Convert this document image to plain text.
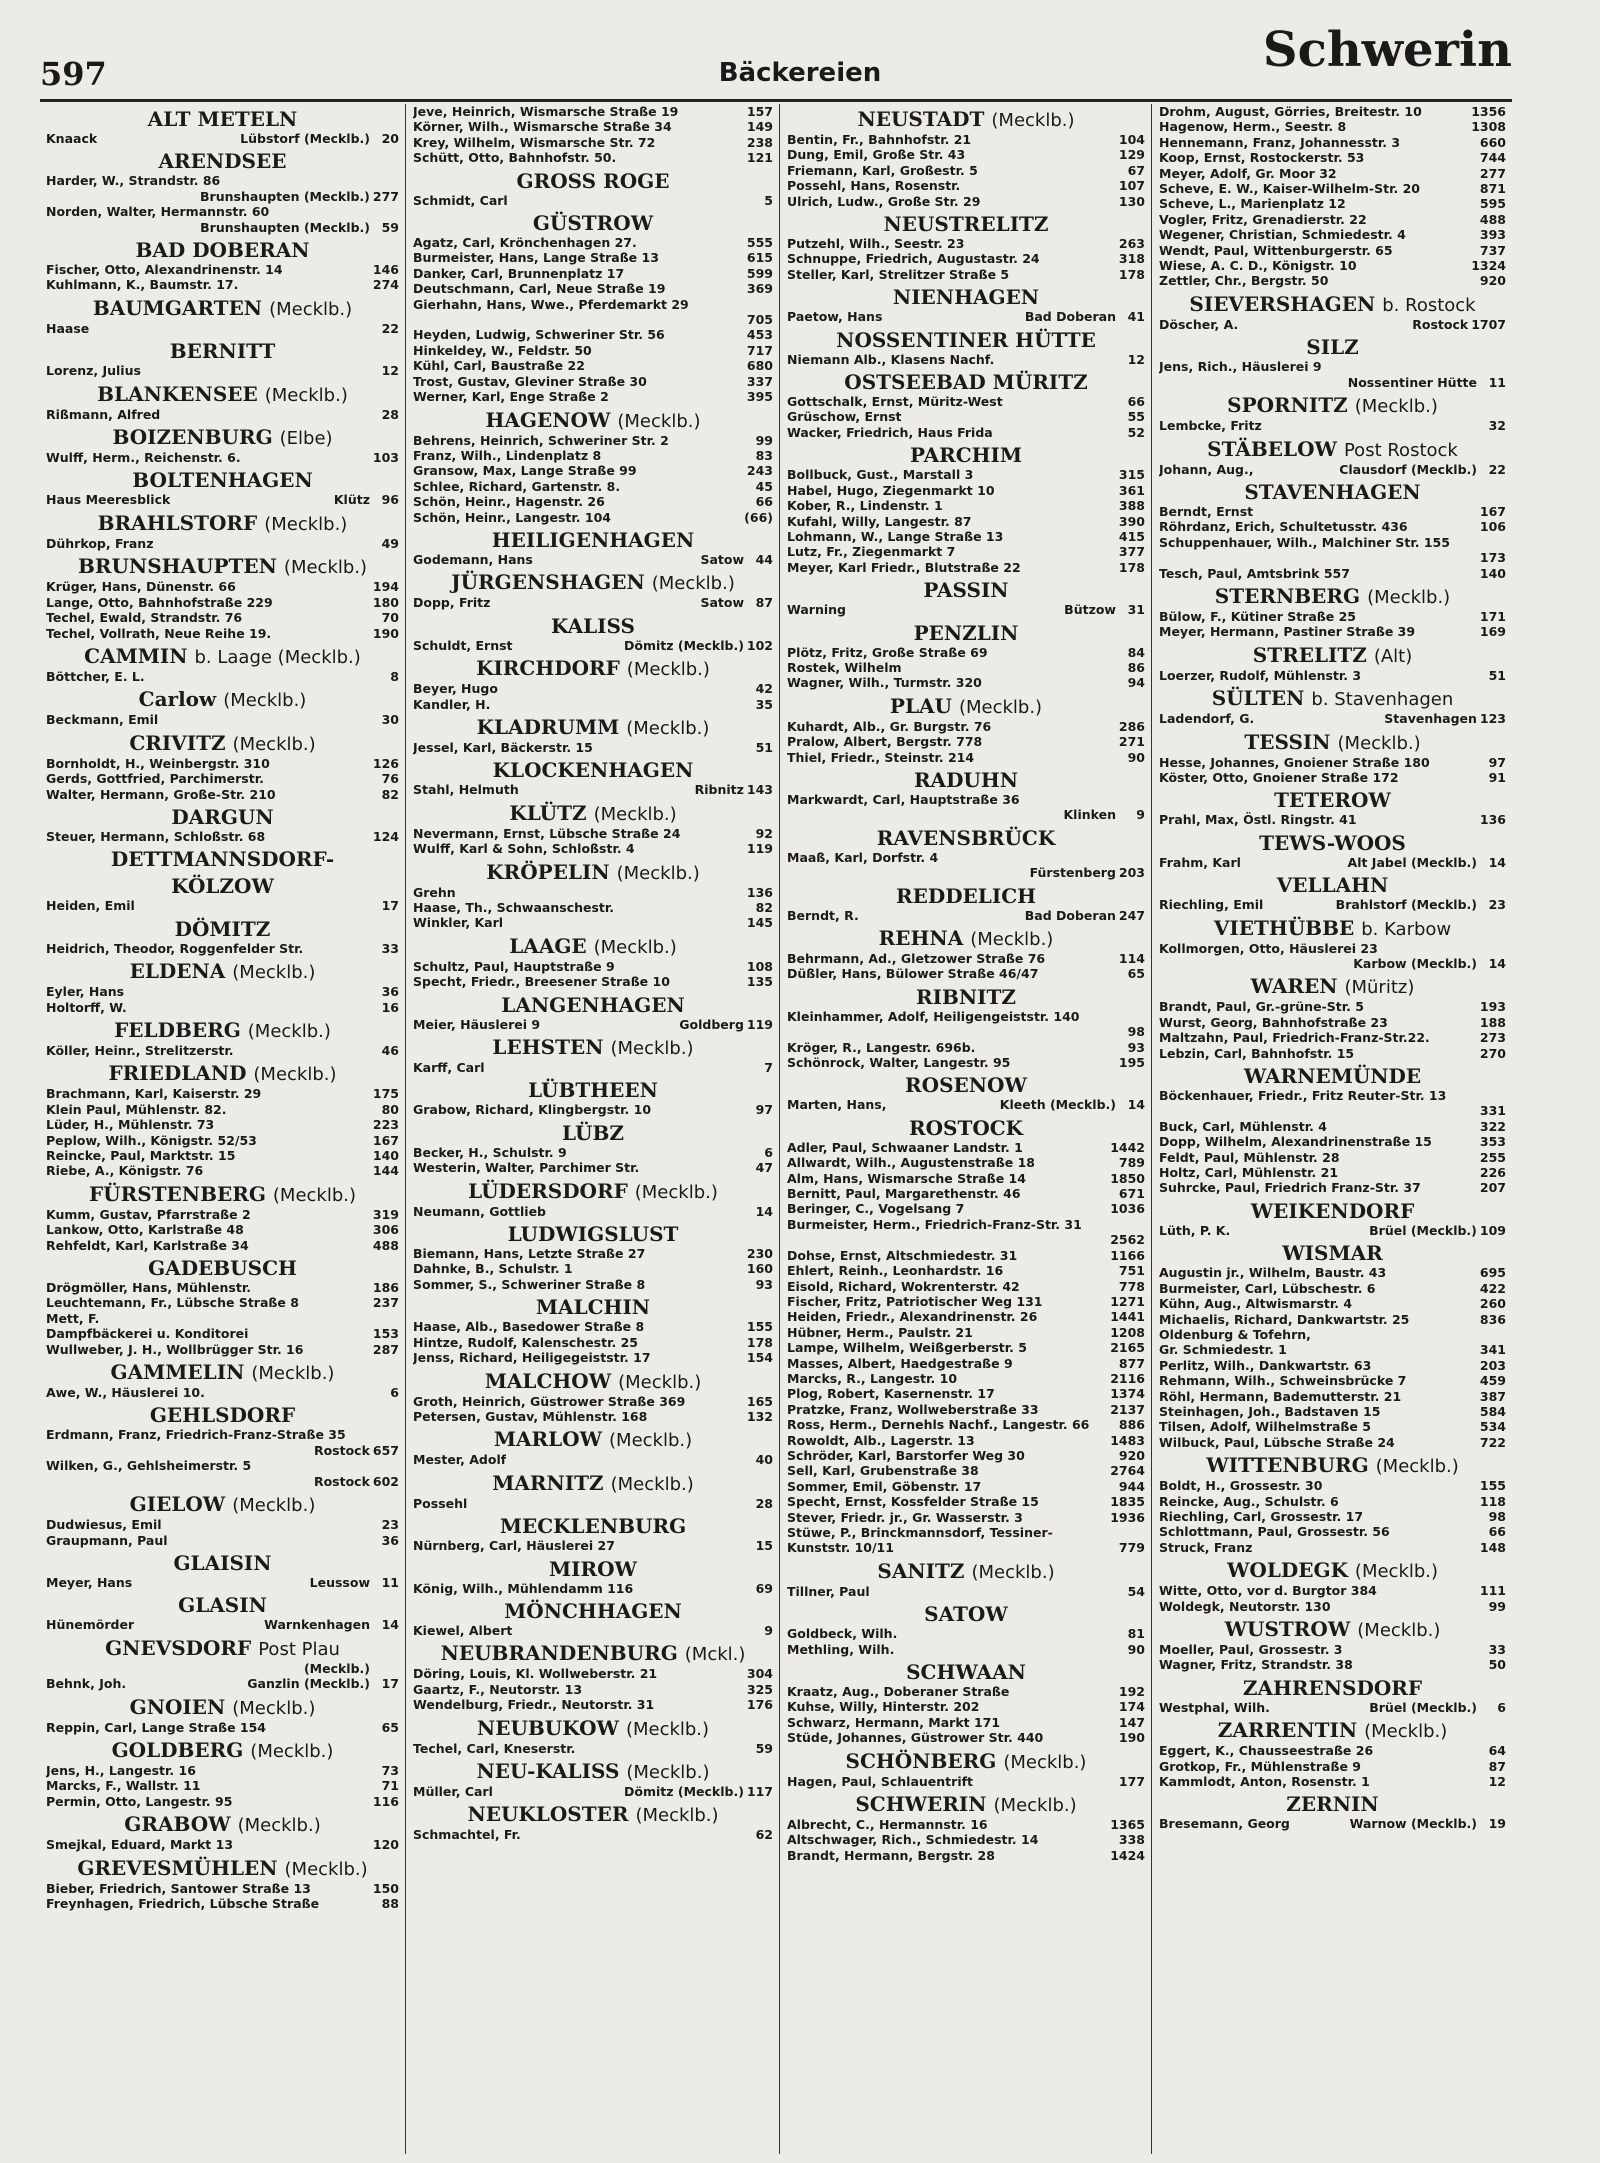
597	Bäckereien	Schwerin
ALT METELN
Knaack	Lübstorf (Mecklb.) 20
ARENDSEE
Harder, W., Strandstr. 86
Brunshaupten (Mecklb.) 277
Norden, Walter, Hermannstr. 60
Brunshaupten (Mecklb.) 59
BAD DOBERAN
Fischer, Otto, Alexandrinenstr. 14	146
Kuhlmann, K., Baumstr. 17.	274
BAUMGARTEN (Mecklb.)
Haase	22
BERNITT
Lorenz, Julius	12
BLANKENSEE (Mecklb.)
Rißmann, Alfred	28
BOIZENBURG (Elbe)
Wulff, Herm., Reichenstr. 6.	103
BOLTENHAGEN
Haus Meeresblick	Klütz 96
BRAHLSTORF (Mecklb.)
Dührkop, Franz	49
BRUNSHAUPTEN (Mecklb.)
Krüger, Hans, Dünenstr. 66	194
Lange, Otto, Bahnhofstraße 229	180
Techel, Ewald, Strandstr. 76	70
Techel, Vollrath, Neue Reihe 19.	190
CAMMIN b. Laage (Mecklb.)
Böttcher, E. L.	8
Carlow (Mecklb.)
Beckmann, Emil	30
CRIVITZ (Mecklb.)
Bornholdt, H., Weinbergstr. 310	126
Gerds, Gottfried, Parchimerstr.	76
Walter, Hermann, Große-Str. 210	82
DARGUN
Steuer, Hermann, Schloßstr. 68	124
DETTMANNSDORF-
KÖLZOW
Heiden, Emil	17
DÖMITZ
Heidrich, Theodor, Roggenfelder Str.	33
ELDENA (Mecklb.)
Eyler, Hans	36
Holtorff, W.	16
FELDBERG (Mecklb.)
Köller, Heinr., Strelitzerstr.	46
FRIEDLAND (Mecklb.)
Brachmann, Karl, Kaiserstr. 29	175
Klein Paul, Mühlenstr. 82.	80
Lüder, H., Mühlenstr. 73	223
Peplow, Wilh., Königstr. 52/53	167
Reincke, Paul, Marktstr. 15	140
Riebe, A., Königstr. 76	144
FÜRSTENBERG (Mecklb.)
Kumm, Gustav, Pfarrstraße 2	319
Lankow, Otto, Karlstraße 48	306
Rehfeldt, Karl, Karlstraße 34	488
GADEBUSCH
Drögmöller, Hans, Mühlenstr.	186
Leuchtemann, Fr., Lübsche Straße 8	237
Mett, F.
Dampfbäckerei u. Konditorei	153
Wullweber, J. H., Wollbrügger Str. 16	287
GAMMELIN (Mecklb.)
Awe, W., Häuslerei 10.	6
GEHLSDORF
Erdmann, Franz, Friedrich-Franz-Straße 35
Rostock 657
Wilken, G., Gehlsheimerstr. 5
Rostock 602
GIELOW (Mecklb.)
Dudwiesus, Emil	23
Graupmann, Paul	36
GLAISIN
Meyer, Hans	Leussow 11
GLASIN
Hünemörder	Warnkenhagen 14
GNEVSDORF Post Plau
(Mecklb.)
Behnk, Joh.	Ganzlin (Mecklb.) 17
GNOIEN (Mecklb.)
Reppin, Carl, Lange Straße 154	65
GOLDBERG (Mecklb.)
Jens, H., Langestr. 16	73
Marcks, F., Wallstr. 11	71
Permin, Otto, Langestr. 95	116
GRABOW (Mecklb.)
Smejkal, Eduard, Markt 13	120
GREVESMÜHLEN (Mecklb.)
Bieber, Friedrich, Santower Straße 13	150
Freynhagen, Friedrich, Lübsche Straße	88
Jeve, Heinrich, Wismarsche Straße 19	157
Körner, Wilh., Wismarsche Straße 34	149
Krey, Wilhelm, Wismarsche Str. 72	238
Schütt, Otto, Bahnhofstr. 50.	121
GROSS ROGE
Schmidt, Carl	5
GÜSTROW
Agatz, Carl, Krönchenhagen 27.	555
Burmeister, Hans, Lange Straße 13	615
Danker, Carl, Brunnenplatz 17	599
Deutschmann, Carl, Neue Straße 19	369
Gierhahn, Hans, Wwe., Pferdemarkt 29
705
Heyden, Ludwig, Schweriner Str. 56	453
Hinkeldey, W., Feldstr. 50	717
Kühl, Carl, Baustraße 22	680
Trost, Gustav, Gleviner Straße 30	337
Werner, Karl, Enge Straße 2	395
HAGENOW (Mecklb.)
Behrens, Heinrich, Schweriner Str. 2	99
Franz, Wilh., Lindenplatz 8	83
Gransow, Max, Lange Straße 99	243
Schlee, Richard, Gartenstr. 8.	45
Schön, Heinr., Hagenstr. 26	66
Schön, Heinr., Langestr. 104	(66)
HEILIGENHAGEN
Godemann, Hans	Satow 44
JÜRGENSHAGEN (Mecklb.)
Dopp, Fritz	Satow 87
KALISS
Schuldt, Ernst	Dömitz (Mecklb.) 102
KIRCHDORF (Mecklb.)
Beyer, Hugo	42
Kandler, H.	35
KLADRUMM (Mecklb.)
Jessel, Karl, Bäckerstr. 15	51
KLOCKENHAGEN
Stahl, Helmuth	Ribnitz 143
KLÜTZ (Mecklb.)
Nevermann, Ernst, Lübsche Straße 24	92
Wulff, Karl & Sohn, Schloßstr. 4	119
KRÖPELIN (Mecklb.)
Grehn	136
Haase, Th., Schwaanschestr.	82
Winkler, Karl	145
LAAGE (Mecklb.)
Schultz, Paul, Hauptstraße 9	108
Specht, Friedr., Breesener Straße 10	135
LANGENHAGEN
Meier, Häuslerei 9	Goldberg 119
LEHSTEN (Mecklb.)
Karff, Carl	7
LÜBTHEEN
Grabow, Richard, Klingbergstr. 10	97
LÜBZ
Becker, H., Schulstr. 9	6
Westerin, Walter, Parchimer Str.	47
LÜDERSDORF (Mecklb.)
Neumann, Gottlieb	14
LUDWIGSLUST
Biemann, Hans, Letzte Straße 27	230
Dahnke, B., Schulstr. 1	160
Sommer, S., Schweriner Straße 8	93
MALCHIN
Haase, Alb., Basedower Straße 8	155
Hintze, Rudolf, Kalenschestr. 25	178
Jenss, Richard, Heiligegeiststr. 17	154
MALCHOW (Mecklb.)
Groth, Heinrich, Güstrower Straße 369	165
Petersen, Gustav, Mühlenstr. 168	132
MARLOW (Mecklb.)
Mester, Adolf	40
MARNITZ (Mecklb.)
Possehl	28
MECKLENBURG
Nürnberg, Carl, Häuslerei 27	15
MIROW
König, Wilh., Mühlendamm 116	69
MÖNCHHAGEN
Kiewel, Albert	9
NEUBRANDENBURG (Mckl.)
Döring, Louis, Kl. Wollweberstr. 21	304
Gaartz, F., Neutorstr. 13	325
Wendelburg, Friedr., Neutorstr. 31	176
NEUBUKOW (Mecklb.)
Techel, Carl, Kneserstr.	59
NEU-KALISS (Mecklb.)
Müller, Carl	Dömitz (Mecklb.) 117
NEUKLOSTER (Mecklb.)
Schmachtel, Fr.	62
NEUSTADT (Mecklb.)
Bentin, Fr., Bahnhofstr. 21	104
Dung, Emil, Große Str. 43	129
Friemann, Karl, Großestr. 5	67
Possehl, Hans, Rosenstr.	107
Ulrich, Ludw., Große Str. 29	130
NEUSTRELITZ
Putzehl, Wilh., Seestr. 23	263
Schnuppe, Friedrich, Augustastr. 24	318
Steller, Karl, Strelitzer Straße 5	178
NIENHAGEN
Paetow, Hans	Bad Doberan 41
NOSSENTINER HÜTTE
Niemann Alb., Klasens Nachf.	12
OSTSEEBAD MÜRITZ
Gottschalk, Ernst, Müritz-West	66
Grüschow, Ernst	55
Wacker, Friedrich, Haus Frida	52
PARCHIM
Bollbuck, Gust., Marstall 3	315
Habel, Hugo, Ziegenmarkt 10	361
Kober, R., Lindenstr. 1	388
Kufahl, Willy, Langestr. 87	390
Lohmann, W., Lange Straße 13	415
Lutz, Fr., Ziegenmarkt 7	377
Meyer, Karl Friedr., Blutstraße 22	178
PASSIN
Warning	Bützow 31
PENZLIN
Plötz, Fritz, Große Straße 69	84
Rostek, Wilhelm	86
Wagner, Wilh., Turmstr. 320	94
PLAU (Mecklb.)
Kuhardt, Alb., Gr. Burgstr. 76	286
Pralow, Albert, Bergstr. 778	271
Thiel, Friedr., Steinstr. 214	90
RADUHN
Markwardt, Carl, Hauptstraße 36
Klinken	9
RAVENSBRÜCK
Maaß, Karl, Dorfstr. 4
Fürstenberg 203
REDDELICH
Berndt, R.	Bad Doberan 247
REHNA (Mecklb.)
Behrmann, Ad., Gletzower Straße 76	114
Düßler, Hans, Bülower Straße 46/47	65
RIBNITZ
Kleinhammer, Adolf, Heiligengeiststr. 140
98
Kröger, R., Langestr. 696b.	93
Schönrock, Walter, Langestr. 95	195
ROSENOW
Marten, Hans,	Kleeth (Mecklb.) 14
ROSTOCK
Adler, Paul, Schwaaner Landstr. 1	1442
Allwardt, Wilh., Augustenstraße 18	789
Alm, Hans, Wismarsche Straße 14	1850
Bernitt, Paul, Margarethenstr. 46	671
Beringer, C., Vogelsang 7	1036
Burmeister, Herm., Friedrich-Franz-Str. 31
2562
Dohse, Ernst, Altschmiedestr. 31	1166
Ehlert, Reinh., Leonhardstr. 16	751
Eisold, Richard, Wokrenterstr. 42	778
Fischer, Fritz, Patriotischer Weg 131	1271
Heiden, Friedr., Alexandrinenstr. 26	1441
Hübner, Herm., Paulstr. 21	1208
Lampe, Wilhelm, Weißgerberstr. 5	2165
Masses, Albert, Haedgestraße 9	877
Marcks, R., Langestr. 10	2116
Plog, Robert, Kasernenstr. 17	1374
Pratzke, Franz, Wollweberstraße 33	2137
Ross, Herm., Dernehls Nachf., Langestr. 66 886
Rowoldt, Alb., Lagerstr. 13	1483
Schröder, Karl, Barstorfer Weg 30	920
Sell, Karl, Grubenstraße 38	2764
Sommer, Emil, Göbenstr. 17	944
Specht, Ernst, Kossfelder Straße 15	1835
Stever, Friedr. jr., Gr. Wasserstr. 3	1936
Stüwe, P., Brinckmannsdorf, Tessiner-
Kunststr. 10/11	779
SANITZ (Mecklb.)
Tillner, Paul	54
SATOW
Goldbeck, Wilh.	81
Methling, Wilh.	90
SCHWAAN
Kraatz, Aug., Doberaner Straße	192
Kuhse, Willy, Hinterstr. 202	174
Schwarz, Hermann, Markt 171	147
Stüde, Johannes, Güstrower Str. 440	190
SCHÖNBERG (Mecklb.)
Hagen, Paul, Schlauentrift	177
SCHWERIN (Mecklb.)
Albrecht, C., Hermannstr. 16	1365
Altschwager, Rich., Schmiedestr. 14	338
Brandt, Hermann, Bergstr. 28	1424
Drohm, August, Görries, Breitestr. 10	1356
Hagenow, Herm., Seestr. 8	1308
Hennemann, Franz, Johannesstr. 3	660
Koop, Ernst, Rostockerstr. 53	744
Meyer, Adolf, Gr. Moor 32	277
Scheve, E. W., Kaiser-Wilhelm-Str. 20	871
Scheve, L., Marienplatz 12	595
Vogler, Fritz, Grenadierstr. 22	488
Wegener, Christian, Schmiedestr. 4	393
Wendt, Paul, Wittenburgerstr. 65	737
Wiese, A. C. D., Königstr. 10	1324
Zettler, Chr., Bergstr. 50	920
SIEVERSHAGEN b. Rostock
Döscher, A.	Rostock 1707
SILZ
Jens, Rich., Häuslerei 9
Nossentiner Hütte 11
SPORNITZ (Mecklb.)
Lembcke, Fritz	32
STÄBELOW Post Rostock
Johann, Aug.,	Clausdorf (Mecklb.) 22
STAVENHAGEN
Berndt, Ernst	167
Röhrdanz, Erich, Schultetusstr. 436	106
Schuppenhauer, Wilh., Malchiner Str. 155
173
Tesch, Paul, Amtsbrink 557	140
STERNBERG (Mecklb.)
Bülow, F., Kütiner Straße 25	171
Meyer, Hermann, Pastiner Straße 39	169
STRELITZ (Alt)
Loerzer, Rudolf, Mühlenstr. 3	51
SÜLTEN b. Stavenhagen
Ladendorf, G.	Stavenhagen 123
TESSIN (Mecklb.)
Hesse, Johannes, Gnoiener Straße 180	97
Köster, Otto, Gnoiener Straße 172	91
TETEROW
Prahl, Max, Östl. Ringstr. 41	136
TEWS-WOOS
Frahm, Karl	Alt Jabel (Mecklb.) 14
VELLAHN
Riechling, Emil	Brahlstorf (Mecklb.) 23
VIETHÜBBE b. Karbow
Kollmorgen, Otto, Häuslerei 23
Karbow (Mecklb.) 14
WAREN (Müritz)
Brandt, Paul, Gr.-grüne-Str. 5	193
Wurst, Georg, Bahnhofstraße 23	188
Maltzahn, Paul, Friedrich-Franz-Str.22.	273
Lebzin, Carl, Bahnhofstr. 15	270
WARNEMÜNDE
Böckenhauer, Friedr., Fritz Reuter-Str. 13
331
Buck, Carl, Mühlenstr. 4	322
Dopp, Wilhelm, Alexandrinenstraße 15	353
Feldt, Paul, Mühlenstr. 28	255
Holtz, Carl, Mühlenstr. 21	226
Suhrcke, Paul, Friedrich Franz-Str. 37	207
WEIKENDORF
Lüth, P. K.	Brüel (Mecklb.) 109
WISMAR
Augustin jr., Wilhelm, Baustr. 43	695
Burmeister, Carl, Lübschestr. 6	422
Kühn, Aug., Altwismarstr. 4	260
Michaelis, Richard, Dankwartstr. 25	836
Oldenburg & Tofehrn,
Gr. Schmiedestr. 1	341
Perlitz, Wilh., Dankwartstr. 63	203
Rehmann, Wilh., Schweinsbrücke 7	459
Röhl, Hermann, Bademutterstr. 21	387
Steinhagen, Joh., Badstaven 15	584
Tilsen, Adolf, Wilhelmstraße 5	534
Wilbuck, Paul, Lübsche Straße 24	722
WITTENBURG (Mecklb.)
Boldt, H., Grossestr. 30	155
Reincke, Aug., Schulstr. 6	118
Riechling, Carl, Grossestr. 17	98
Schlottmann, Paul, Grossestr. 56	66
Struck, Franz	148
WOLDEGK (Mecklb.)
Witte, Otto, vor d. Burgtor 384	111
Woldegk, Neutorstr. 130	99
WUSTROW (Mecklb.)
Moeller, Paul, Grossestr. 3	33
Wagner, Fritz, Strandstr. 38	50
ZAHRENSDORF
Westphal, Wilh.	Brüel (Mecklb.)	6
ZARRENTIN (Mecklb.)
Eggert, K., Chausseestraße 26	64
Grotkop, Fr., Mühlenstraße 9	87
Kammlodt, Anton, Rosenstr. 1	12
ZERNIN
Bresemann, Georg	Warnow (Mecklb.) 19
